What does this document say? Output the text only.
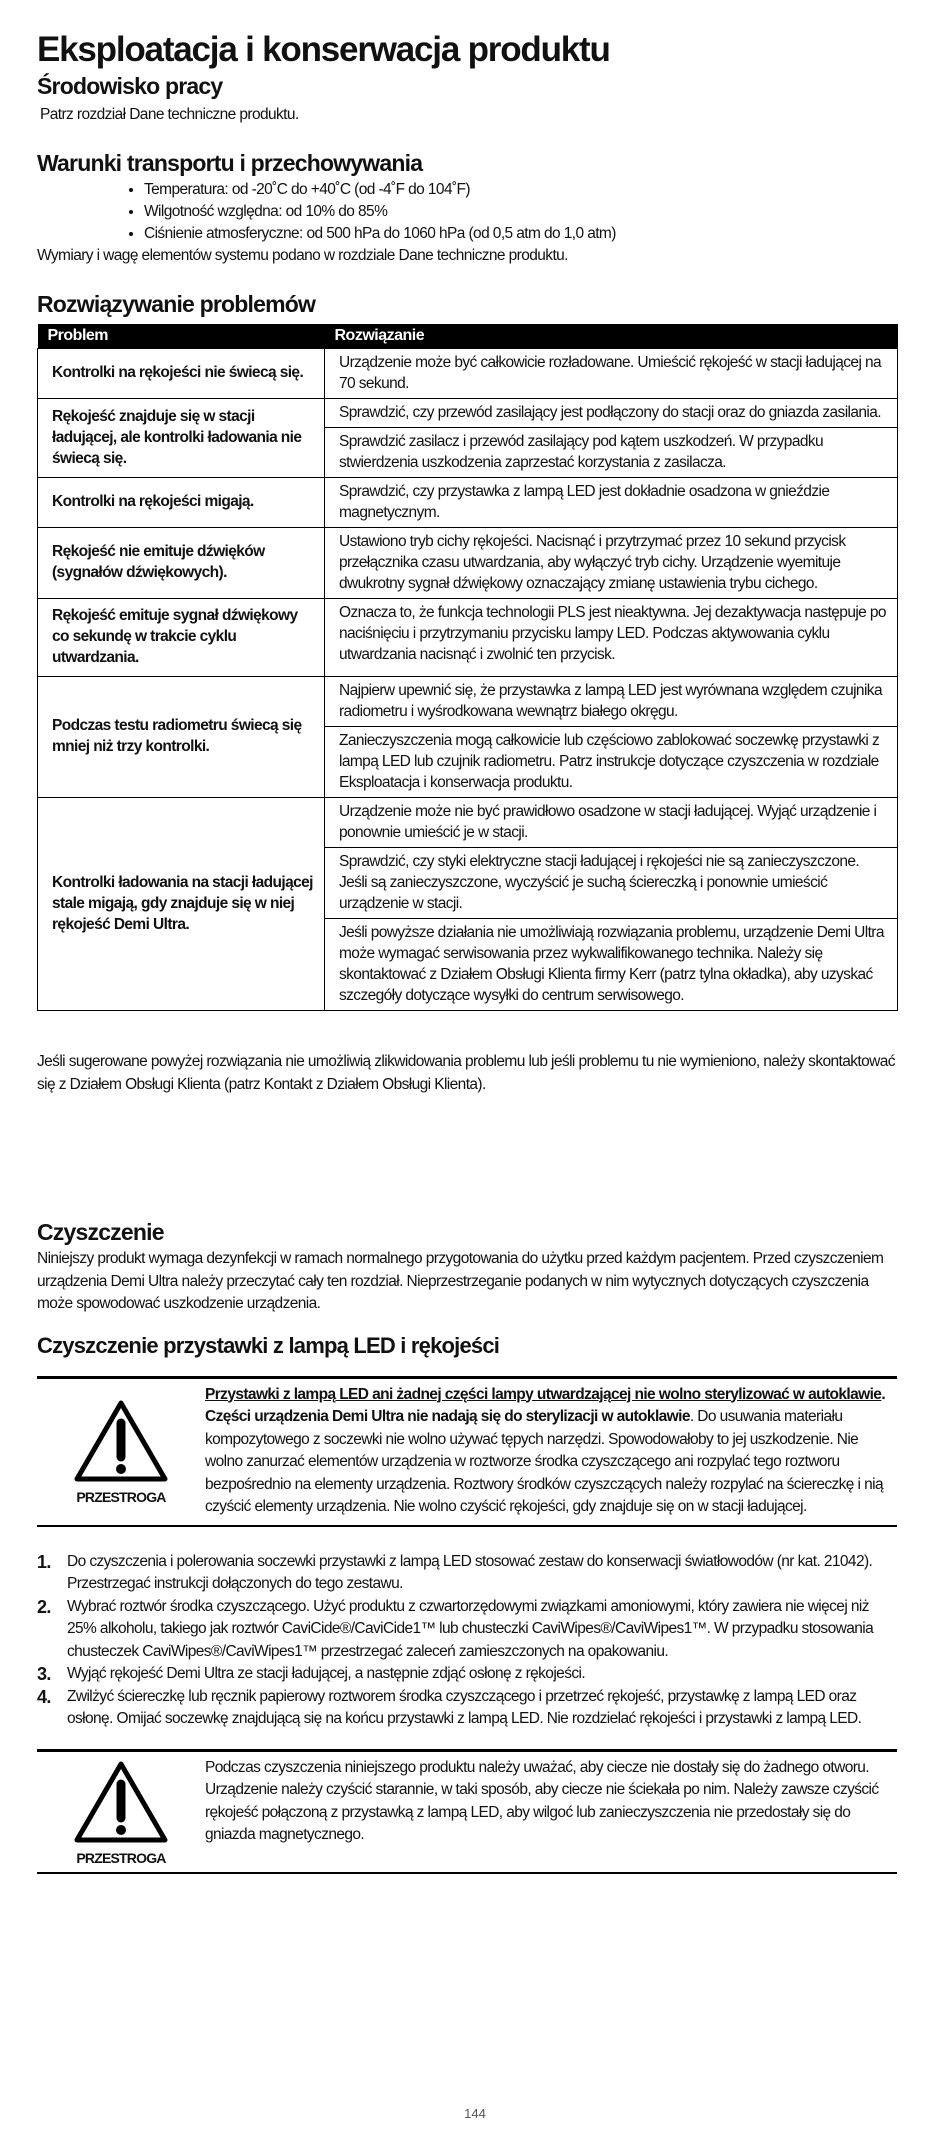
Eksploatacja i konserwacja produktu
Środowisko pracy

Patrz rozdział Dane techniczne produktu.

Warunki transportu i przechowywania
• Temperatura: od -20˚C do +40˚C (od -4˚F do 104˚F)
• Wilgotność względna: od 10% do 85%
• Ciśnienie atmosferyczne: od 500 hPa do 1060 hPa (od 0,5 atm do 1,0 atm)

Wymiary i wagę elementów systemu podano w rozdziale Dane techniczne produktu.

Rozwiązywanie problemów
Problem	Rozwiązanie
Kontrolki na rękojeści nie świecą się.	Urządzenie może być całkowicie rozładowane. Umieścić rękojeść w stacji ładującej na 70 sekund.
Rękojeść znajduje się w stacji ładującej, ale kontrolki ładowania nie świecą się.	Sprawdzić, czy przewód zasilający jest podłączony do stacji oraz do gniazda zasilania.
	Sprawdzić zasilacz i przewód zasilający pod kątem uszkodzeń. W przypadku stwierdzenia uszkodzenia zaprzestać korzystania z zasilacza.
Kontrolki na rękojeści migają.	Sprawdzić, czy przystawka z lampą LED jest dokładnie osadzona w gnieździe magnetycznym.
Rękojeść nie emituje dźwięków (sygnałów dźwiękowych).	Ustawiono tryb cichy rękojeści. Nacisnąć i przytrzymać przez 10 sekund przycisk przełącznika czasu utwardzania, aby wyłączyć tryb cichy. Urządzenie wyemituje dwukrotny sygnał dźwiękowy oznaczający zmianę ustawienia trybu cichego.
Rękojeść emituje sygnał dźwiękowy co sekundę w trakcie cyklu utwardzania.	Oznacza to, że funkcja technologii PLS jest nieaktywna. Jej dezaktywacja następuje po naciśnięciu i przytrzymaniu przycisku lampy LED. Podczas aktywowania cyklu utwardzania nacisnąć i zwolnić ten przycisk.
Podczas testu radiometru świecą się mniej niż trzy kontrolki.	Najpierw upewnić się, że przystawka z lampą LED jest wyrównana względem czujnika radiometru i wyśrodkowana wewnątrz białego okręgu.
	Zanieczyszczenia mogą całkowicie lub częściowo zablokować soczewkę przystawki z lampą LED lub czujnik radiometru. Patrz instrukcje dotyczące czyszczenia w rozdziale Eksploatacja i konserwacja produktu.
Kontrolki ładowania na stacji ładującej stale migają, gdy znajduje się w niej rękojeść Demi Ultra.	Urządzenie może nie być prawidłowo osadzone w stacji ładującej. Wyjąć urządzenie i ponownie umieścić je w stacji.
	Sprawdzić, czy styki elektryczne stacji ładującej i rękojeści nie są zanieczyszczone. Jeśli są zanieczyszczone, wyczyścić je suchą ściereczką i ponownie umieścić urządzenie w stacji.
	Jeśli powyższe działania nie umożliwiają rozwiązania problemu, urządzenie Demi Ultra może wymagać serwisowania przez wykwalifikowanego technika. Należy się skontaktować z Działem Obsługi Klienta firmy Kerr (patrz tylna okładka), aby uzyskać szczegóły dotyczące wysyłki do centrum serwisowego.

Jeśli sugerowane powyżej rozwiązania nie umożliwią zlikwidowania problemu lub jeśli problemu tu nie wymieniono, należy skontaktować się z Działem Obsługi Klienta (patrz Kontakt z Działem Obsługi Klienta).

Czyszczenie

Niniejszy produkt wymaga dezynfekcji w ramach normalnego przygotowania do użytku przed każdym pacjentem. Przed czyszczeniem urządzenia Demi Ultra należy przeczytać cały ten rozdział. Nieprzestrzeganie podanych w nim wytycznych dotyczących czyszczenia może spowodować uszkodzenie urządzenia.

Czyszczenie przystawki z lampą LED i rękojeści
PRZESTROGA
Przystawki z lampą LED ani żadnej części lampy utwardzającej nie wolno sterylizować w autoklawie. Części urządzenia Demi Ultra nie nadają się do sterylizacji w autoklawie. Do usuwania materiału kompozytowego z soczewki nie wolno używać tępych narzędzi. Spowodowałoby to jej uszkodzenie. Nie wolno zanurzać elementów urządzenia w roztworze środka czyszczącego ani rozpylać tego roztworu bezpośrednio na elementy urządzenia. Roztwory środków czyszczących należy rozpylać na ściereczkę i nią czyścić elementy urządzenia. Nie wolno czyścić rękojeści, gdy znajduje się on w stacji ładującej.
1.	Do czyszczenia i polerowania soczewki przystawki z lampą LED stosować zestaw do konserwacji światłowodów (nr kat. 21042). Przestrzegać instrukcji dołączonych do tego zestawu.
2.	Wybrać roztwór środka czyszczącego. Użyć produktu z czwartorzędowymi związkami amoniowymi, który zawiera nie więcej niż 25% alkoholu, takiego jak roztwór CaviCide®/CaviCide1™ lub chusteczki CaviWipes®/CaviWipes1™. W przypadku stosowania chusteczek CaviWipes®/CaviWipes1™ przestrzegać zaleceń zamieszczonych na opakowaniu.
3.	Wyjąć rękojeść Demi Ultra ze stacji ładującej, a następnie zdjąć osłonę z rękojeści.
4.	Zwilżyć ściereczkę lub ręcznik papierowy roztworem środka czyszczącego i przetrzeć rękojeść, przystawkę z lampą LED oraz osłonę. Omijać soczewkę znajdującą się na końcu przystawki z lampą LED. Nie rozdzielać rękojeści i przystawki z lampą LED.
PRZESTROGA
Podczas czyszczenia niniejszego produktu należy uważać, aby ciecze nie dostały się do żadnego otworu. Urządzenie należy czyścić starannie, w taki sposób, aby ciecze nie ściekała po nim. Należy zawsze czyścić rękojeść połączoną z przystawką z lampą LED, aby wilgoć lub zanieczyszczenia nie przedostały się do gniazda magnetycznego.
144
